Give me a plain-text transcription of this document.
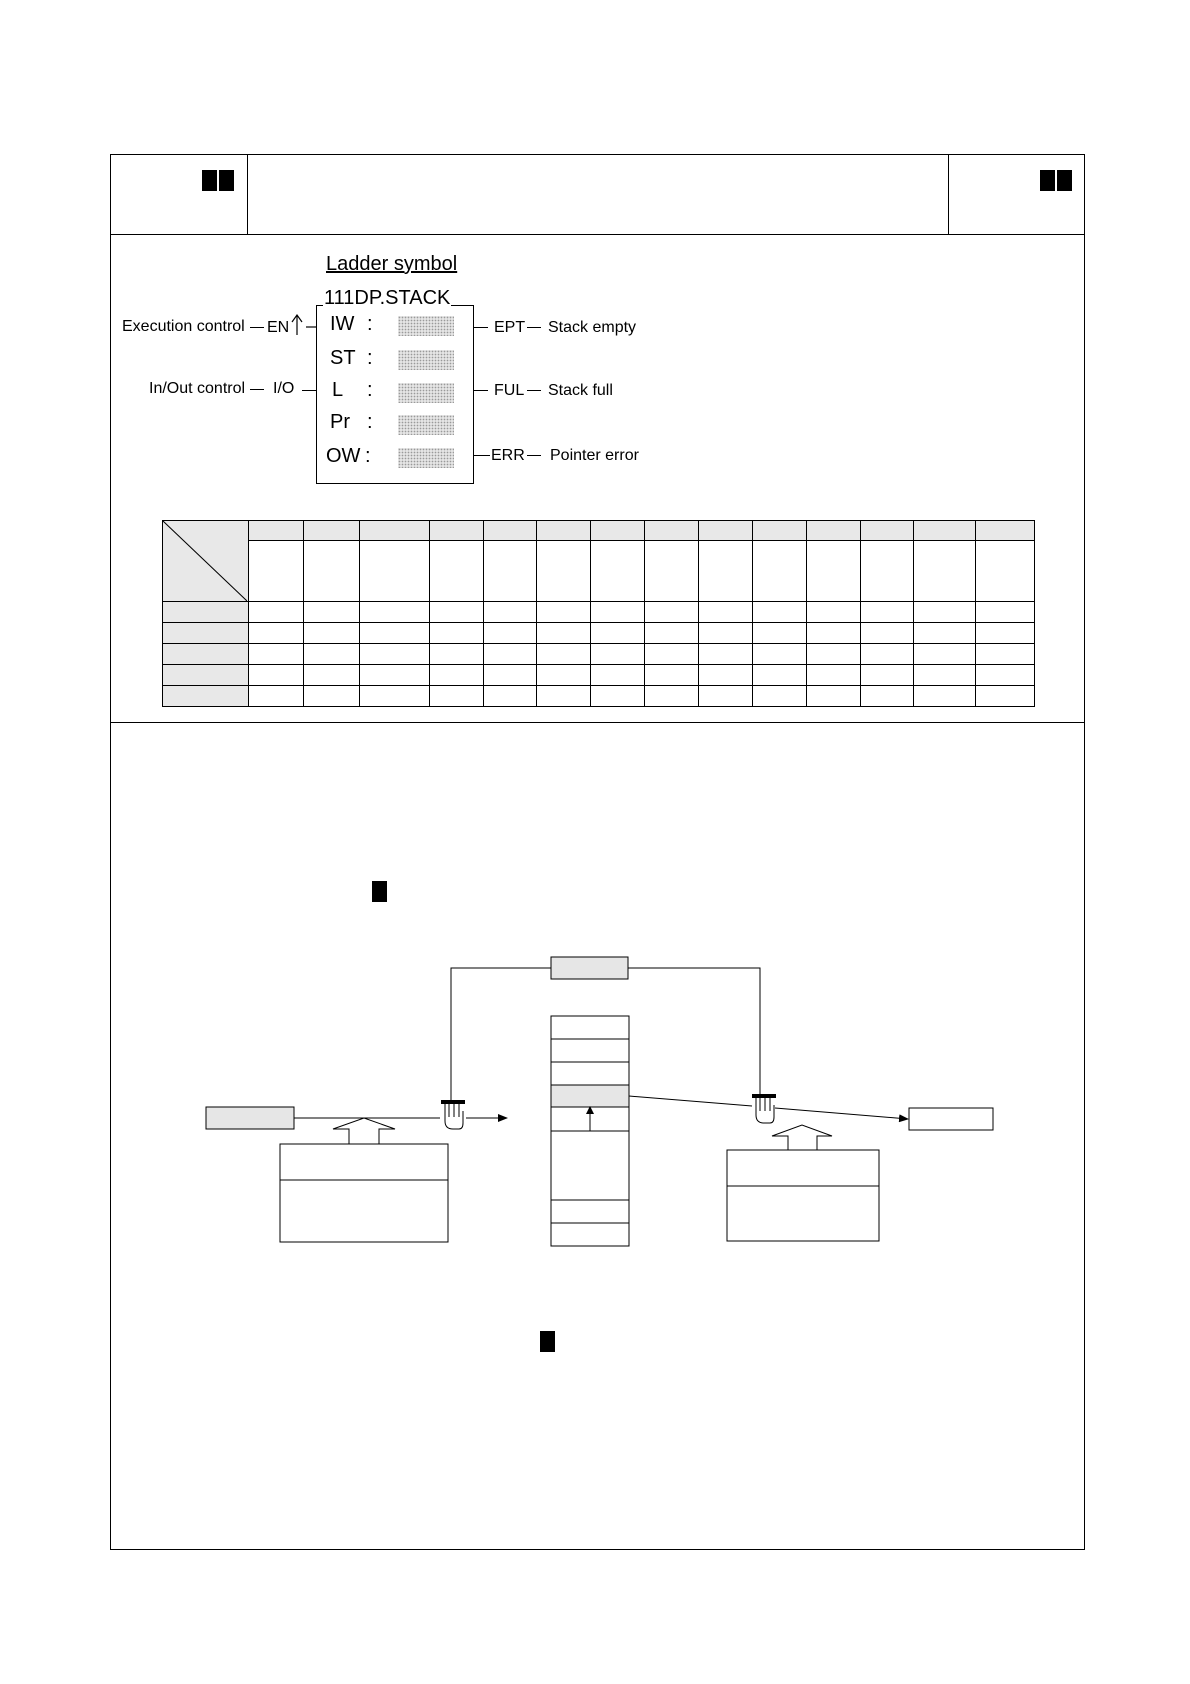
Ladder symbol
111DP.STACK
Execution control EN
In/Out control I/O
IW :
ST :
L :
Pr :
OW :
EPT Stack empty
FUL Stack full
ERR Pointer error
